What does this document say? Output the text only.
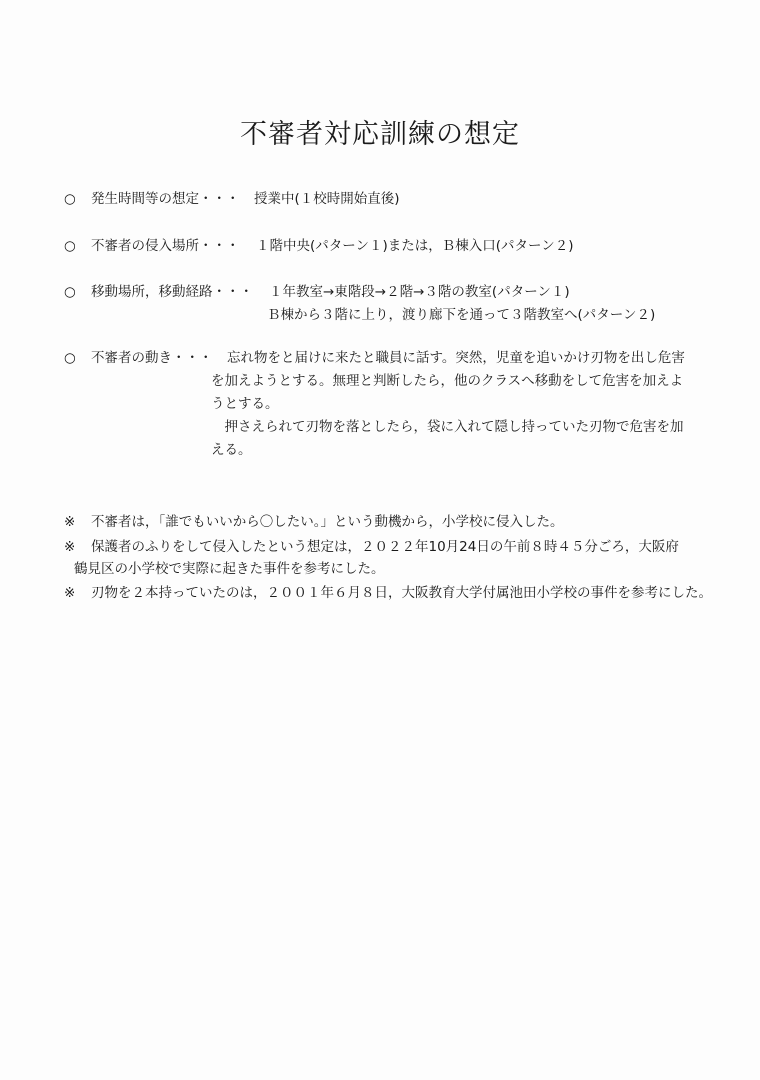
不審者対応訓練の想定
○	発生時間等の想定・・・ 授業中(１校時開始直後)
○	不審者の侵入場所・・・ １階中央(パターン１)または，Ｂ棟入口(パターン２)
○	移動場所，移動経路・・・ １年教室→東階段→２階→３階の教室(パターン１)
Ｂ棟から３階に上り，渡り廊下を通って３階教室へ(パターン２)
○	不審者の動き・・・ 忘れ物をと届けに来たと職員に話す。突然，児童を追いかけ刃物を出し危害
を加えようとする。無理と判断したら，他のクラスへ移動をして危害を加えよ
うとする。
　押さえられて刃物を落としたら，袋に入れて隠し持っていた刃物で危害を加
える。
※ 不審者は，「誰でもいいから〇したい。」という動機から，小学校に侵入した。
※ 保護者のふりをして侵入したという想定は，２０２２年10月24日の午前８時４５分ごろ，大阪府
鶴見区の小学校で実際に起きた事件を参考にした。
※ 刃物を２本持っていたのは，２００１年６月８日，大阪教育大学付属池田小学校の事件を参考にした。
